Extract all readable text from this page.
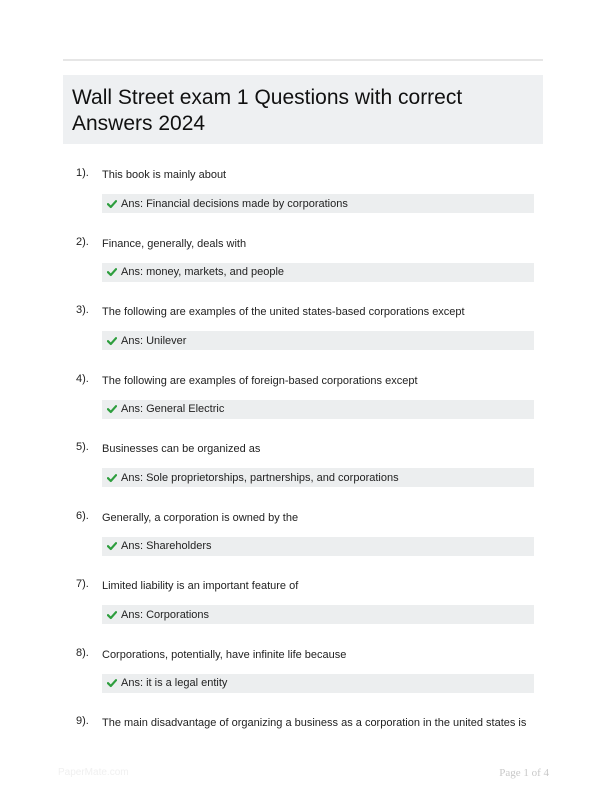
Wall Street exam 1 Questions with correct Answers 2024
1). This book is mainly about
Ans: Financial decisions made by corporations
2). Finance, generally, deals with
Ans: money, markets, and people
3). The following are examples of the united states-based corporations except
Ans: Unilever
4). The following are examples of foreign-based corporations except
Ans: General Electric
5). Businesses can be organized as
Ans: Sole proprietorships, partnerships, and corporations
6). Generally, a corporation is owned by the
Ans: Shareholders
7). Limited liability is an important feature of
Ans: Corporations
8). Corporations, potentially, have infinite life because
Ans: it is a legal entity
9). The main disadvantage of organizing a business as a corporation in the united states is
PaperMate.com	Page 1 of 4
